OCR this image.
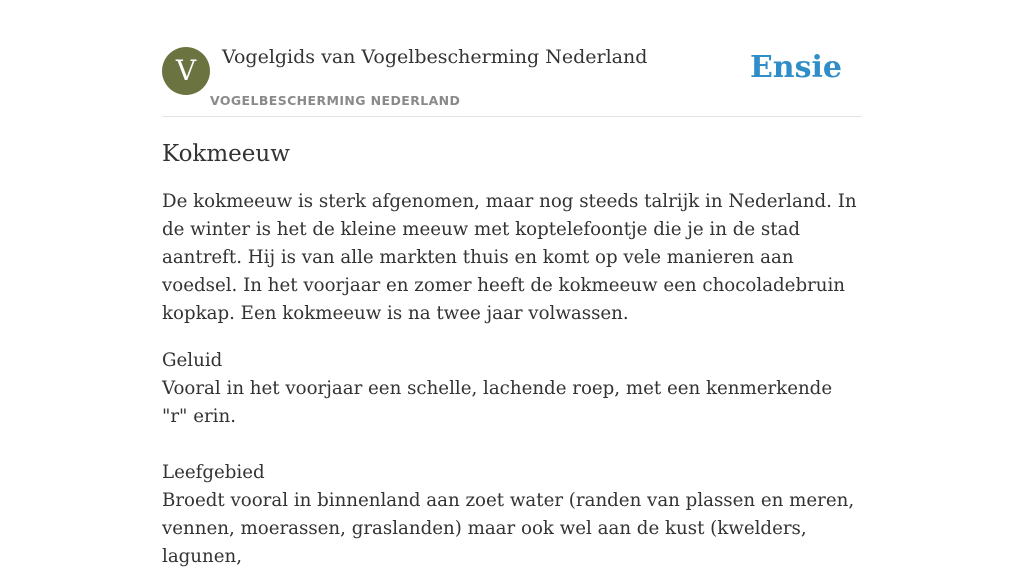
V	Vogelgids van Vogelbescherming Nederland
VOGELBESCHERMING NEDERLAND
Ensie
Kokmeeuw

De kokmeeuw is sterk afgenomen, maar nog steeds talrijk in Nederland. In de winter is het de kleine meeuw met koptelefoontje die je in de stad aantreft. Hij is van alle markten thuis en komt op vele manieren aan voedsel. In het voorjaar en zomer heeft de kokmeeuw een chocoladebruin kopkap. Een kokmeeuw is na twee jaar volwassen.

Geluid
Vooral in het voorjaar een schelle, lachende roep, met een kenmerkende "r" erin.
Leefgebied
Broedt vooral in binnenland aan zoet water (randen van plassen en meren, vennen, moerassen, graslanden) maar ook wel aan de kust (kwelders, lagunen,
